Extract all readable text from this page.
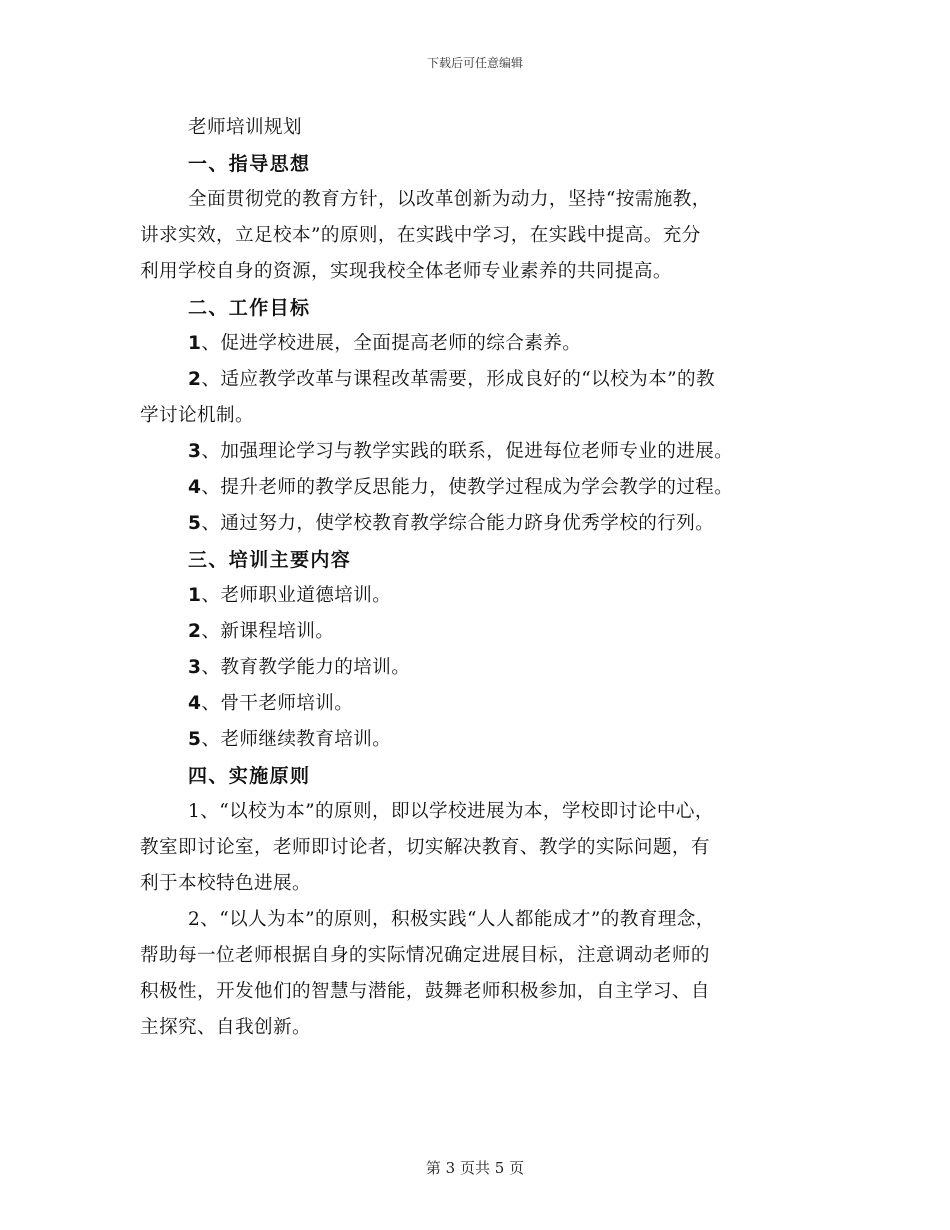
下载后可任意编辑
老师培训规划
一、指导思想
全面贯彻党的教育方针，以改革创新为动力，坚持“按需施教，
讲求实效，立足校本”的原则，在实践中学习，在实践中提高。充分
利用学校自身的资源，实现我校全体老师专业素养的共同提高。
二、工作目标
1、促进学校进展，全面提高老师的综合素养。
2、适应教学改革与课程改革需要，形成良好的“以校为本”的教
学讨论机制。
3、加强理论学习与教学实践的联系，促进每位老师专业的进展。
4、提升老师的教学反思能力，使教学过程成为学会教学的过程。
5、通过努力，使学校教育教学综合能力跻身优秀学校的行列。
三、培训主要内容
1、老师职业道德培训。
2、新课程培训。
3、教育教学能力的培训。
4、骨干老师培训。
5、老师继续教育培训。
四、实施原则
1、“以校为本”的原则，即以学校进展为本，学校即讨论中心，
教室即讨论室，老师即讨论者，切实解决教育、教学的实际问题，有
利于本校特色进展。
2、“以人为本”的原则，积极实践“人人都能成才”的教育理念，
帮助每一位老师根据自身的实际情况确定进展目标，注意调动老师的
积极性，开发他们的智慧与潜能，鼓舞老师积极参加，自主学习、自
主探究、自我创新。
第 3 页共 5 页
